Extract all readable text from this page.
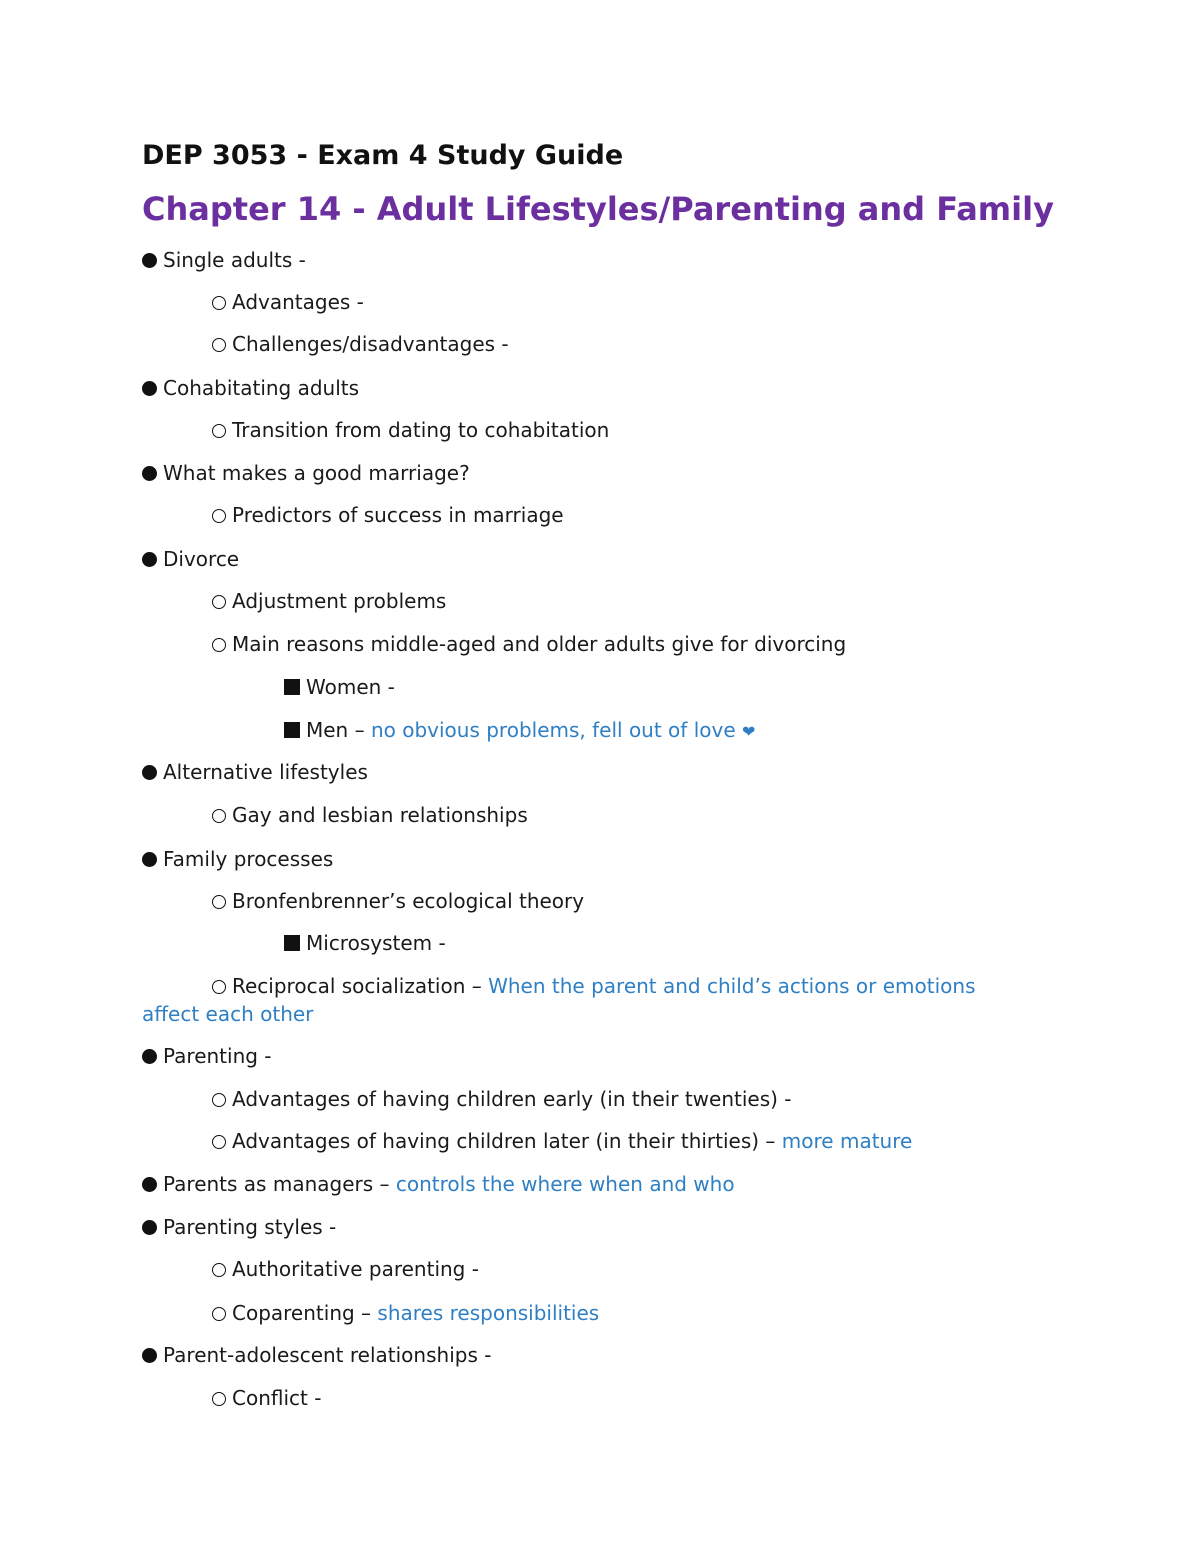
DEP 3053 - Exam 4 Study Guide
Chapter 14 - Adult Lifestyles/Parenting and Family
Single adults -
Advantages -
Challenges/disadvantages -
Cohabitating adults
Transition from dating to cohabitation
What makes a good marriage?
Predictors of success in marriage
Divorce
Adjustment problems
Main reasons middle-aged and older adults give for divorcing
Women -
Men – no obvious problems, fell out of love ❤
Alternative lifestyles
Gay and lesbian relationships
Family processes
Bronfenbrenner’s ecological theory
Microsystem -
Reciprocal socialization – When the parent and child’s actions or emotions
affect each other
Parenting -
Advantages of having children early (in their twenties) -
Advantages of having children later (in their thirties) – more mature
Parents as managers – controls the where when and who
Parenting styles -
Authoritative parenting -
Coparenting – shares responsibilities
Parent-adolescent relationships -
Conflict -
